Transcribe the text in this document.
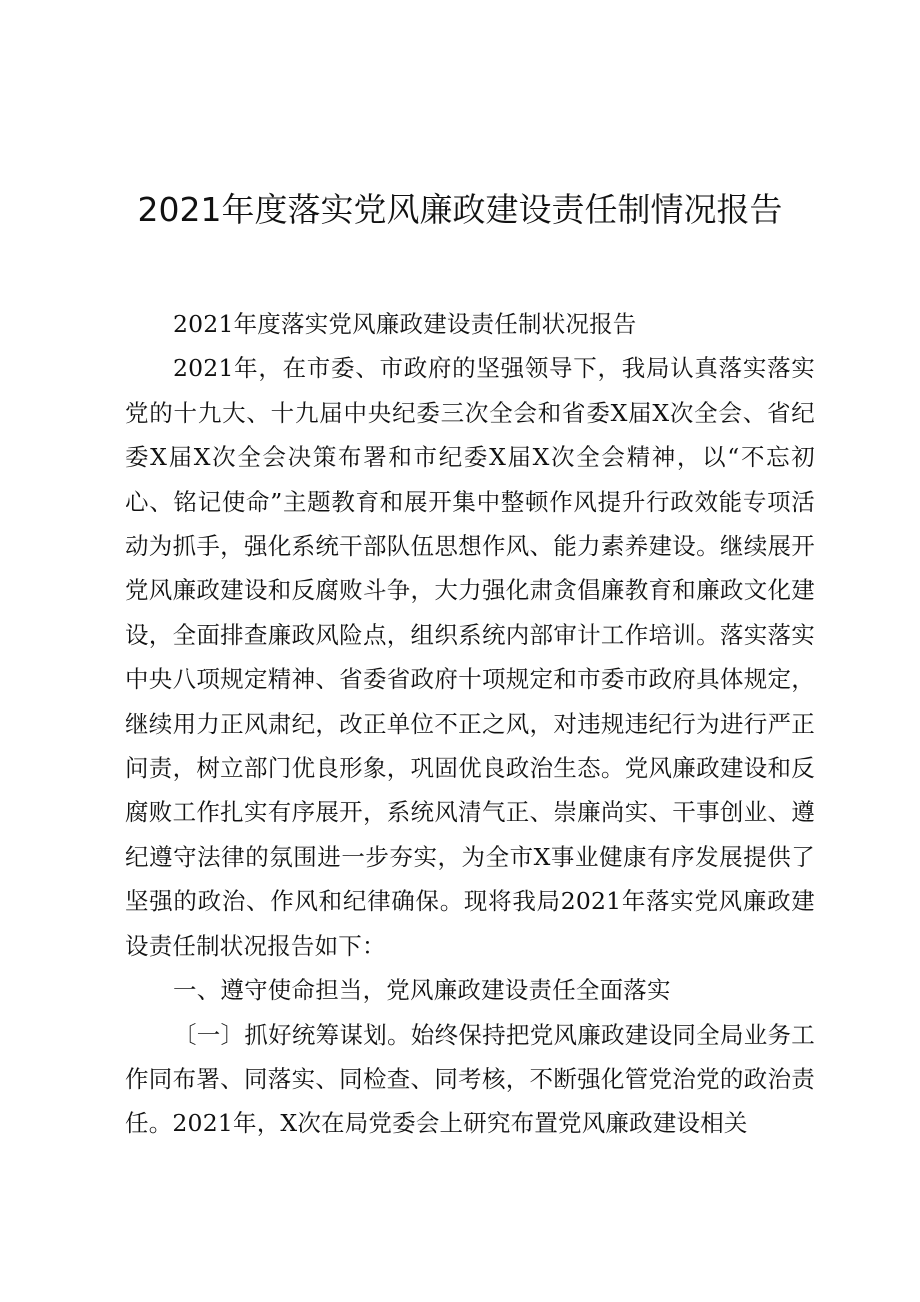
2021年度落实党风廉政建设责任制情况报告

2021年度落实党风廉政建设责任制状况报告

2021年，在市委、市政府的坚强领导下，我局认真落实落实党的十九大、十九届中央纪委三次全会和省委X届X次全会、省纪委X届X次全会决策布署和市纪委X届X次全会精神，以“不忘初心、铭记使命”主题教育和展开集中整顿作风提升行政效能专项活动为抓手，强化系统干部队伍思想作风、能力素养建设。继续展开党风廉政建设和反腐败斗争，大力强化肃贪倡廉教育和廉政文化建设，全面排查廉政风险点，组织系统内部审计工作培训。落实落实中央八项规定精神、省委省政府十项规定和市委市政府具体规定，继续用力正风肃纪，改正单位不正之风，对违规违纪行为进行严正问责，树立部门优良形象，巩固优良政治生态。党风廉政建设和反腐败工作扎实有序展开，系统风清气正、崇廉尚实、干事创业、遵纪遵守法律的氛围进一步夯实，为全市X事业健康有序发展提供了坚强的政治、作风和纪律确保。现将我局2021年落实党风廉政建设责任制状况报告如下：

一、遵守使命担当，党风廉政建设责任全面落实

〔一〕抓好统筹谋划。始终保持把党风廉政建设同全局业务工作同布署、同落实、同检查、同考核，不断强化管党治党的政治责任。2021年，X次在局党委会上研究布置党风廉政建设相关
